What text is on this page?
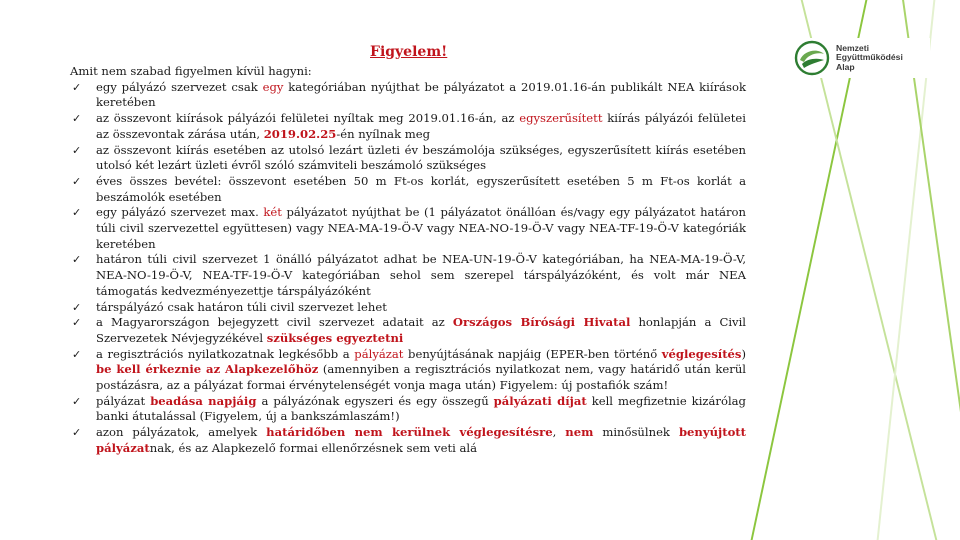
Nemzeti
Együttműködési
Alap
Figyelem!

Amit nem szabad figyelmen kívül hagyni:

✓ egy pályázó szervezet csak egy kategóriában nyújthat be pályázatot a 2019.01.16-án publikált NEA kiírások keretében
✓ az összevont kiírások pályázói felületei nyíltak meg 2019.01.16-án, az egyszerűsített kiírás pályázói felületei az összevontak zárása után, 2019.02.25-én nyílnak meg
✓ az összevont kiírás esetében az utolsó lezárt üzleti év beszámolója szükséges, egyszerűsített kiírás esetében utolsó két lezárt üzleti évről szóló számviteli beszámoló szükséges
✓ éves összes bevétel: összevont esetében 50 m Ft-os korlát, egyszerűsített esetében 5 m Ft-os korlát a beszámolók esetében
✓ egy pályázó szervezet max. két pályázatot nyújthat be (1 pályázatot önállóan és/vagy egy pályázatot határon túli civil szervezettel együttesen) vagy NEA-MA-19-Ö-V vagy NEA-NO-19-Ö-V vagy NEA-TF-19-Ö-V kategóriák keretében
✓ határon túli civil szervezet 1 önálló pályázatot adhat be NEA-UN-19-Ö-V kategóriában, ha NEA-MA-19-Ö-V, NEA-NO-19-Ö-V, NEA-TF-19-Ö-V kategóriában sehol sem szerepel társpályázóként, és volt már NEA támogatás kedvezményezettje társpályázóként
✓ társpályázó csak határon túli civil szervezet lehet
✓ a Magyarországon bejegyzett civil szervezet adatait az Országos Bírósági Hivatal honlapján a Civil Szervezetek Névjegyzékével szükséges egyeztetni
✓ a regisztrációs nyilatkozatnak legkésőbb a pályázat benyújtásának napjáig (EPER-ben történő véglegesítés) be kell érkeznie az Alapkezelőhöz (amennyiben a regisztrációs nyilatkozat nem, vagy határidő után kerül postázásra, az a pályázat formai érvénytelenségét vonja maga után) Figyelem: új postafiók szám!
✓ pályázat beadása napjáig a pályázónak egyszeri és egy összegű pályázati díjat kell megfizetnie kizárólag banki átutalással (Figyelem, új a bankszámlaszám!)
✓ azon pályázatok, amelyek határidőben nem kerülnek véglegesítésre, nem minősülnek benyújtott pályázatnak, és az Alapkezelő formai ellenőrzésnek sem veti alá
